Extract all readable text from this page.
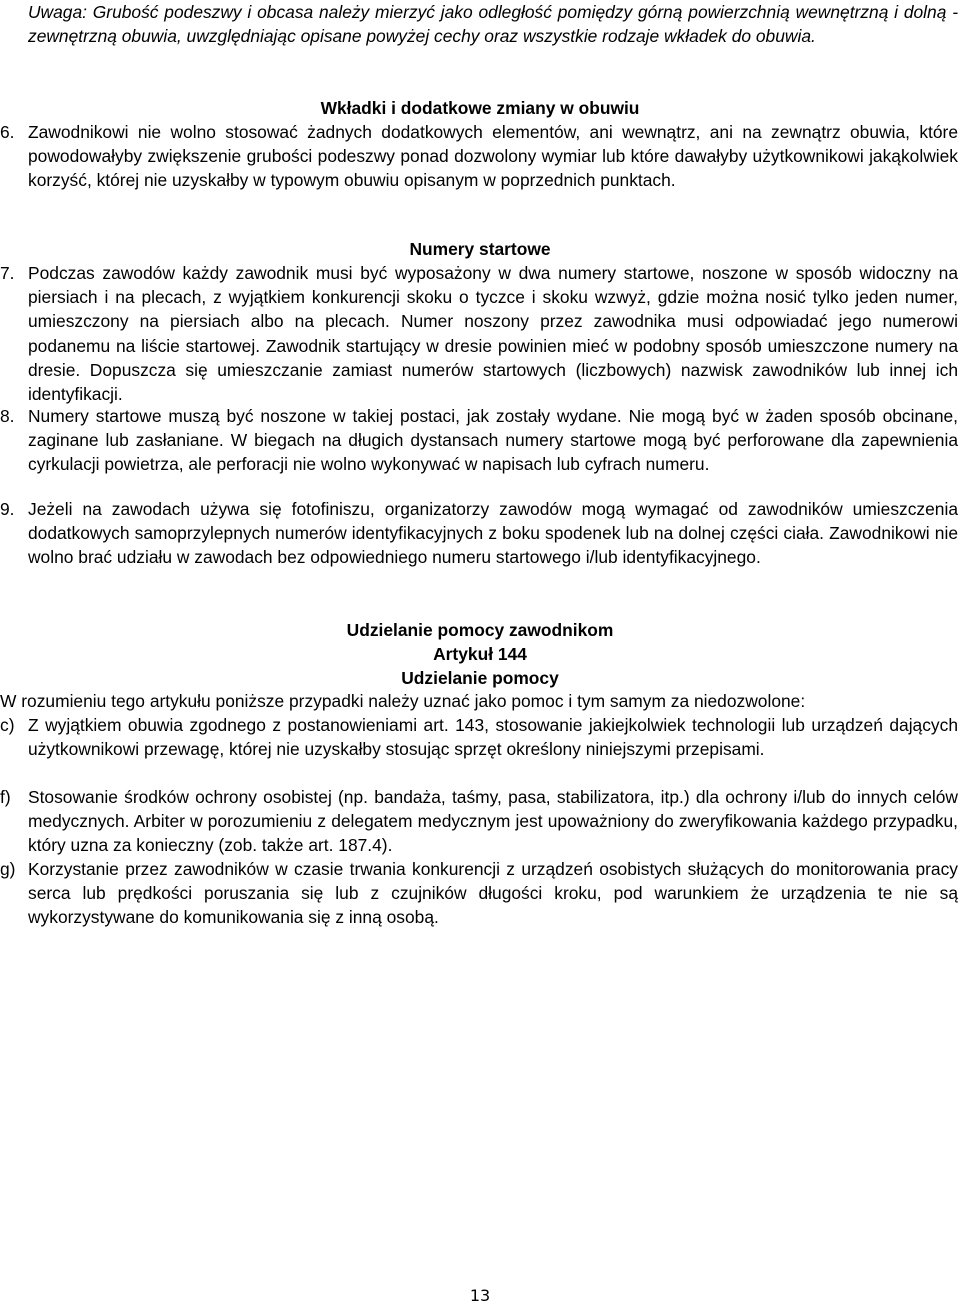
Uwaga: Grubość podeszwy i obcasa należy mierzyć jako odległość pomiędzy górną powierzchnią wewnętrzną i dolną - zewnętrzną obuwia, uwzględniając opisane powyżej cechy oraz wszystkie rodzaje wkładek do obuwia.
Wkładki i dodatkowe zmiany w obuwiu
6. Zawodnikowi nie wolno stosować żadnych dodatkowych elementów, ani wewnątrz, ani na zewnątrz obuwia, które powodowałyby zwiększenie grubości podeszwy ponad dozwolony wymiar lub które dawałyby użytkownikowi jakąkolwiek korzyść, której nie uzyskałby w typowym obuwiu opisanym w poprzednich punktach.
Numery startowe
7. Podczas zawodów każdy zawodnik musi być wyposażony w dwa numery startowe, noszone w sposób widoczny na piersiach i na plecach, z wyjątkiem konkurencji skoku o tyczce i skoku wzwyż, gdzie można nosić tylko jeden numer, umieszczony na piersiach albo na plecach. Numer noszony przez zawodnika musi odpowiadać jego numerowi podanemu na liście startowej. Zawodnik startujący w dresie powinien mieć w podobny sposób umieszczone numery na dresie. Dopuszcza się umieszczanie zamiast numerów startowych (liczbowych) nazwisk zawodników lub innej ich identyfikacji.
8. Numery startowe muszą być noszone w takiej postaci, jak zostały wydane. Nie mogą być w żaden sposób obcinane, zaginane lub zasłaniane. W biegach na długich dystansach numery startowe mogą być perforowane dla zapewnienia cyrkulacji powietrza, ale perforacji nie wolno wykonywać w napisach lub cyfrach numeru.
9. Jeżeli na zawodach używa się fotofiniszu, organizatorzy zawodów mogą wymagać od zawodników umieszczenia dodatkowych samoprzylepnych numerów identyfikacyjnych z boku spodenek lub na dolnej części ciała. Zawodnikowi nie wolno brać udziału w zawodach bez odpowiedniego numeru startowego i/lub identyfikacyjnego.
Udzielanie pomocy zawodnikom
Artykuł 144
Udzielanie pomocy
W rozumieniu tego artykułu poniższe przypadki należy uznać jako pomoc i tym samym za niedozwolone:
c) Z wyjątkiem obuwia zgodnego z postanowieniami art. 143, stosowanie jakiejkolwiek technologii lub urządzeń dających użytkownikowi przewagę, której nie uzyskałby stosując sprzęt określony niniejszymi przepisami.
f) Stosowanie środków ochrony osobistej (np. bandaża, taśmy, pasa, stabilizatora, itp.) dla ochrony i/lub do innych celów medycznych. Arbiter w porozumieniu z delegatem medycznym jest upoważniony do zweryfikowania każdego przypadku, który uzna za konieczny (zob. także art. 187.4).
g) Korzystanie przez zawodników w czasie trwania konkurencji z urządzeń osobistych służących do monitorowania pracy serca lub prędkości poruszania się lub z czujników długości kroku, pod warunkiem że urządzenia te nie są wykorzystywane do komunikowania się z inną osobą.
13
